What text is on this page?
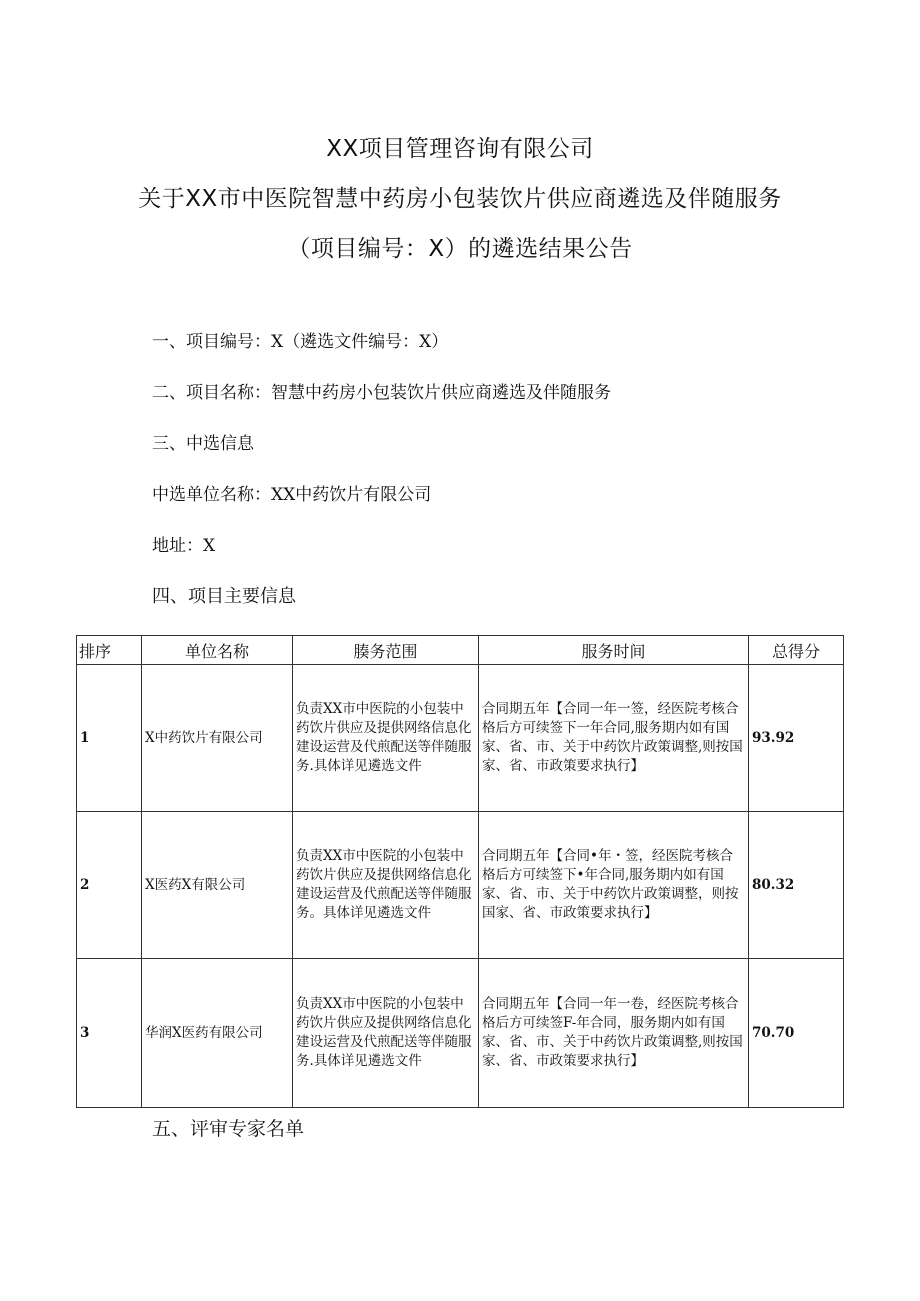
XX项目管理咨询有限公司
关于XX市中医院智慧中药房小包装饮片供应商遴选及伴随服务
（项目编号：X）的遴选结果公告
一、项目编号：X（遴选文件编号：X）
二、项目名称：智慧中药房小包装饮片供应商遴选及伴随服务
三、中选信息
中选单位名称：XX中药饮片有限公司
地址：X
四、项目主要信息
排序	单位名称	腠务范围	服务时间	总得分
1	X中药饮片有限公司	负责XX市中医院的小包装中药饮片供应及提供网络信息化建设运营及代煎配送等伴随服务.具体详见遴选文件	合同期五年【合同一年一签，经医院考核合格后方可续签下一年合同,服务期内如有国家、省、市、关于中药饮片政策调整,则按国家、省、市政策要求执行】	93.92
2	X医药X有限公司	负责XX市中医院的小包装中药饮片供应及提供网络信息化建设运营及代煎配送等伴随服务。具体详见遴选文件	合同期五年【合同•年・签，经医院考核合格后方可续签下•年合同,服务期内如有国家、省、市、关于中药饮片政策调整，则按国家、省、市政策要求执行】	80.32
3	华润X医药有限公司	负责XX市中医院的小包装中药饮片供应及提供网络信息化建设运营及代煎配送等伴随服务.具体详见遴选文件	合同期五年【合同一年一卷，经医院考核合格后方可续签F-年合同，服务期内如有国家、省、市、关于中药饮片政策调整,则按国家、省、市政策要求执行】	70.70
五、评审专家名单
